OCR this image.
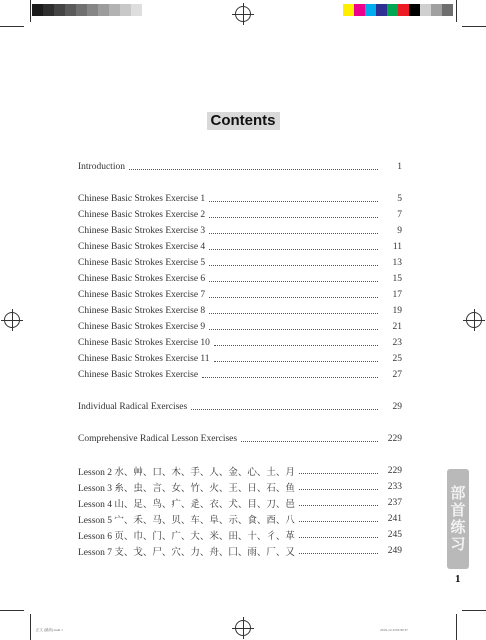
Contents
Introduction	1
Chinese Basic Strokes Exercise 1	5
Chinese Basic Strokes Exercise 2	7
Chinese Basic Strokes Exercise 3	9
Chinese Basic Strokes Exercise 4	11
Chinese Basic Strokes Exercise 5	13
Chinese Basic Strokes Exercise 6	15
Chinese Basic Strokes Exercise 7	17
Chinese Basic Strokes Exercise 8	19
Chinese Basic Strokes Exercise 9	21
Chinese Basic Strokes Exercise 10	23
Chinese Basic Strokes Exercise 11	25
Chinese Basic Strokes Exercise	27
Individual Radical Exercises	29
Comprehensive Radical Lesson Exercises	229
Lesson 2 水、艸、口、木、手、人、金、心、土、月	229
Lesson 3 糸、虫、言、女、竹、火、王、日、石、鱼	233
Lesson 4 山、足、鸟、疒、辵、衣、犬、目、刀、邑	237
Lesson 5 宀、禾、马、贝、车、阜、示、食、酉、八	241
Lesson 6 页、巾、门、广、大、米、田、十、彳、革	245
Lesson 7 支、戈、尸、穴、力、舟、囗、雨、厂、又	249	部首练习
1
正文 (最終).indd 1	2019-12-6 09:30:37
